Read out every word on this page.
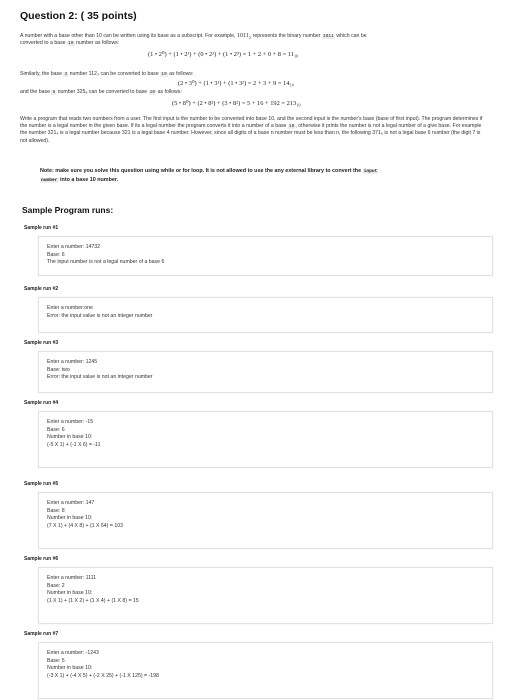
Question 2: ( 35 points)
A number with a base other than 10 can be written using its base as a subscript. For example, $1011_2$ represents the binary number 1011 which can be
converted to a base 10 number as follows:
(1 • 2⁰) + (1 • 2¹) + (0 • 2²) + (1 • 2³) = 1 + 2 + 0 + 8 = 11₁₀
Similarly, the base 3 number 112₃ can be converted to base 10 as follows:
(2 • 3⁰) + (1 • 3¹) + (1 • 3²) = 2 + 3 + 9 = 14₁₀
and the base 8 number 325₈ can be converted to base 10 as follows:
(5 • 8⁰) + (2 • 8¹) + (3 • 8²) = 5 + 16 + 192 = 213₁₀
Write a program that reads two numbers from a user. The first input is the number to be converted into base 10, and the second input is the number's base (base of first input). The program determines if the number is a legal number in the given base. If its a legal number the program converts it into a number of a base 10, otherwise it prints the number is not a legal number of a give base. For example the number 321₄ is a legal number because 321 is a legal base 4 number. However, since all digits of a base n number must be less than n, the following 371₆ is not a legal base 6 number (the digit 7 is not allowed).
Note: make sure you solve this question using while or for loop. It is not allowed to use the any external library to convert the input
number into a base 10 number.
Sample Program runs:
Sample run #1
Enter a number: 14732
Base: 6
The input number is not a legal number of a base 6
Sample run #2
Enter a number:one
Error: the input value is not an integer number
Sample run #3
Enter a number: 1245
Base: two
Error: the input value is not an integer number
Sample run #4
Enter a number: -15
Base: 6
Number in base 10:
(-5 X 1) + (-1 X 6) = -11
Sample run #5
Enter a number: 147
Base: 8
Number in base 10:
(7 X 1) + (4 X 8) + (1 X 64) = 103
Sample run #6
Enter a number: 1111
Base: 2
Number in base 10:
(1 X 1) + (1 X 2) + (1 X 4) + (1 X 8) = 15
Sample run #7
Enter a number: -1243
Base: 5
Number in base 10:
(-3 X 1) + (-4 X 5) + (-2 X 25) + (-1 X 125) = -198
